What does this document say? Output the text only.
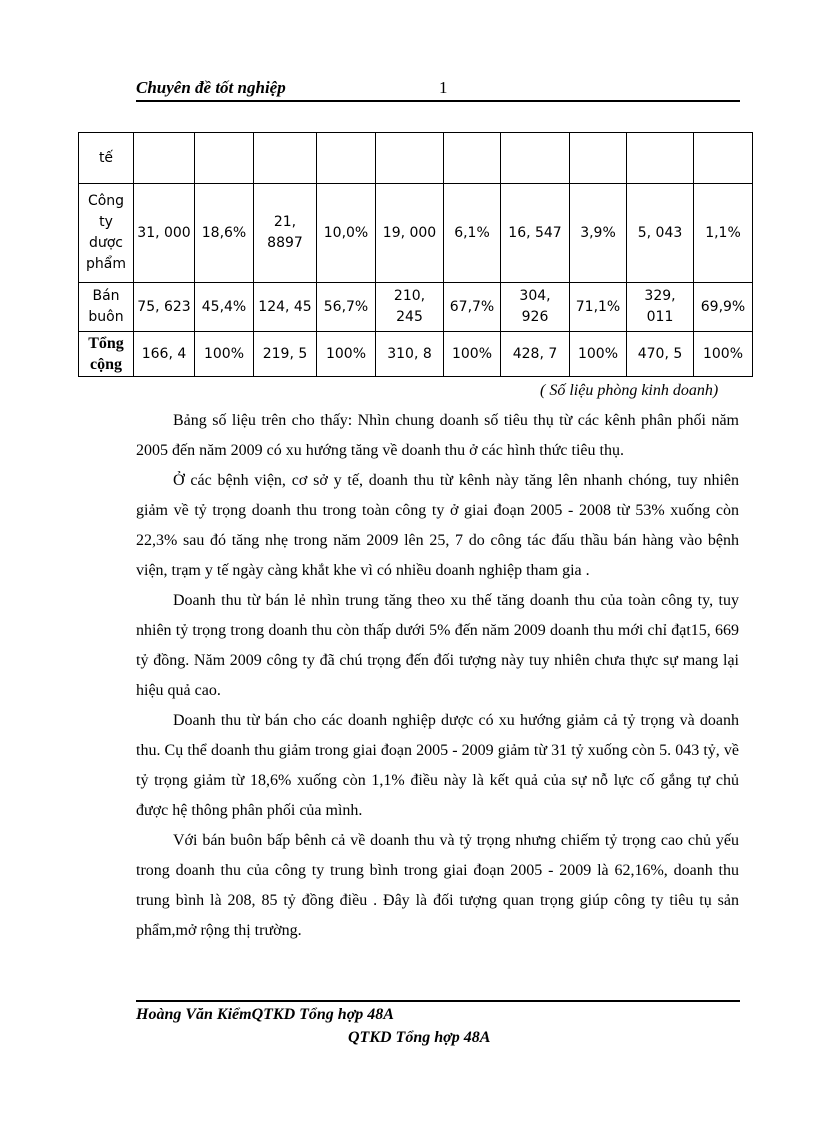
Chuyên đề tốt nghiệp	1
tế										
Công ty dược phẩm	31, 000	18,6%	21, 8897	10,0%	19, 000	6,1%	16, 547	3,9%	5, 043	1,1%
Bán buôn	75, 623	45,4%	124, 45	56,7%	210, 245	67,7%	304, 926	71,1%	329, 011	69,9%
Tổng cộng	166, 4	100%	219, 5	100%	310, 8	100%	428, 7	100%	470, 5	100%
( Số liệu phòng kinh doanh)

Bảng số liệu trên cho thấy: Nhìn chung doanh số tiêu thụ từ các kênh phân phối năm 2005 đến năm 2009 có xu hướng tăng về doanh thu ở các hình thức tiêu thụ.

Ở các bệnh viện, cơ sở y tế, doanh thu từ kênh này tăng lên nhanh chóng, tuy nhiên giảm về tỷ trọng doanh thu trong toàn công ty ở giai đoạn 2005 - 2008 từ 53% xuống còn 22,3% sau đó tăng nhẹ trong năm 2009 lên 25, 7 do công tác đấu thầu bán hàng vào bệnh viện, trạm y tế ngày càng khắt khe vì có nhiều doanh nghiệp tham gia .

Doanh thu từ bán lẻ nhìn trung tăng theo xu thế tăng doanh thu của toàn công ty, tuy nhiên tỷ trọng trong doanh thu còn thấp dưới 5% đến năm 2009 doanh thu mới chỉ đạt15, 669 tỷ đồng. Năm 2009 công ty đã chú trọng đến đối tượng này tuy nhiên chưa thực sự mang lại hiệu quả cao.

Doanh thu từ bán cho các doanh nghiệp dược có xu hướng giảm cả tỷ trọng và doanh thu. Cụ thể doanh thu giảm trong giai đoạn 2005 - 2009 giảm từ 31 tỷ xuống còn 5. 043 tỷ, về tỷ trọng giảm từ 18,6% xuống còn 1,1% điều này là kết quả của sự nỗ lực cố gắng tự chủ được hệ thông phân phối của mình.

Với bán buôn bấp bênh cả về doanh thu và tỷ trọng nhưng chiếm tỷ trọng cao chủ yếu trong doanh thu của công ty trung bình trong giai đoạn 2005 - 2009 là 62,16%, doanh thu trung bình là 208, 85 tỷ đồng điều . Đây là đối tượng quan trọng giúp công ty tiêu tụ sản phẩm,mở rộng thị trường.

Hoàng Văn KiểmQTKD Tổng hợp 48A
QTKD Tổng hợp 48A
